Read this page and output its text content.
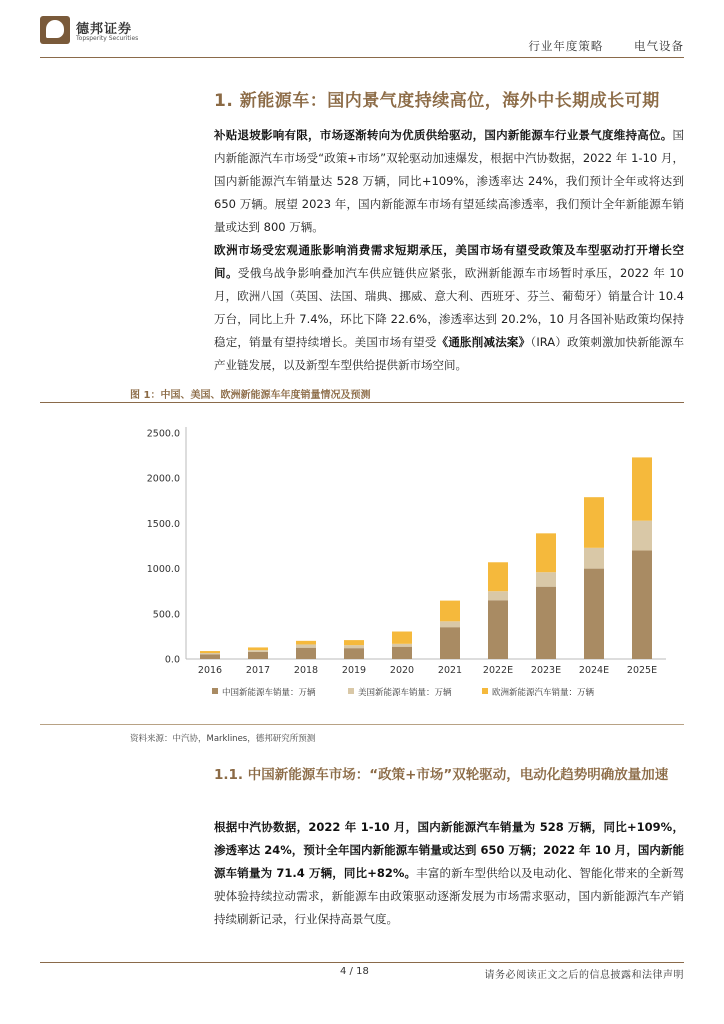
德邦证券
Topsperity Securities
行业年度策略	电气设备
1. 新能源车：国内景气度持续高位，海外中长期成长可期
补贴退坡影响有限，市场逐渐转向为优质供给驱动，国内新能源车行业景气度维持高位。国内新能源汽车市场受“政策+市场”双轮驱动加速爆发，根据中汽协数据，2022 年 1-10 月，国内新能源汽车销量达 528 万辆，同比+109%，渗透率达 24%，我们预计全年或将达到 650 万辆。展望 2023 年，国内新能源车市场有望延续高渗透率，我们预计全年新能源车销量或达到 800 万辆。
欧洲市场受宏观通胀影响消费需求短期承压，美国市场有望受政策及车型驱动打开增长空间。受俄乌战争影响叠加汽车供应链供应紧张，欧洲新能源车市场暂时承压，2022 年 10 月，欧洲八国（英国、法国、瑞典、挪威、意大利、西班牙、芬兰、葡萄牙）销量合计 10.4 万台，同比上升 7.4%，环比下降 22.6%，渗透率达到 20.2%，10 月各国补贴政策均保持稳定，销量有望持续增长。美国市场有望受《通胀削减法案》（IRA）政策刺激加快新能源车产业链发展，以及新型车型供给提供新市场空间。
图 1：中国、美国、欧洲新能源车年度销量情况及预测
0.0
500.0
1000.0
1500.0
2000.0
2500.0
2016	2017	2018	2019	2020	2021 2022E 2023E 2024E 2025E
中国新能源车销量：万辆	美国新能源车销量：万辆	欧洲新能源汽车销量：万辆
资料来源：中汽协，Marklines，德邦研究所预测
1.1. 中国新能源车市场：“政策+市场”双轮驱动，电动化趋势明确放量加速
根据中汽协数据，2022 年 1-10 月，国内新能源汽车销量为 528 万辆，同比+109%，渗透率达 24%，预计全年国内新能源车销量或达到 650 万辆；2022 年 10 月，国内新能源车销量为 71.4 万辆，同比+82%。丰富的新车型供给以及电动化、智能化带来的全新驾驶体验持续拉动需求，新能源车由政策驱动逐渐发展为市场需求驱动，国内新能源汽车产销持续刷新记录，行业保持高景气度。
4 / 18	请务必阅读正文之后的信息披露和法律声明
